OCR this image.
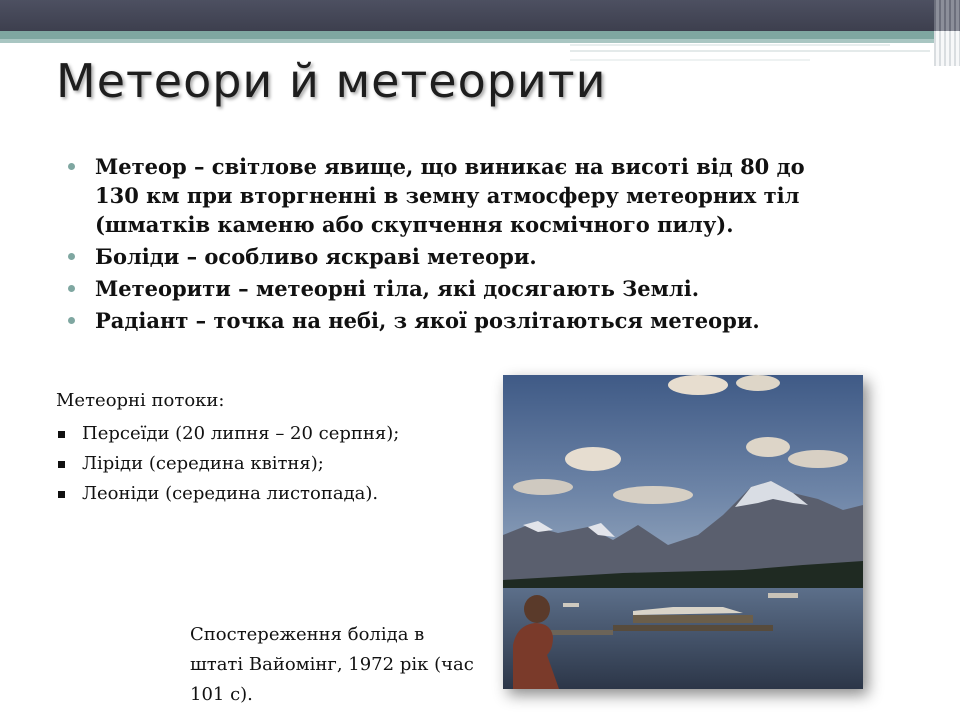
Метеори й метеорити
Метеор – світлове явище, що виникає на висоті від 80 до 130 км при вторгненні в земну атмосферу метеорних тіл (шматків каменю або скупчення космічного пилу).
Боліди – особливо яскраві метеори.
Метеорити – метеорні тіла, які досягають Землі.
Радіант – точка на небі, з якої розлітаються метеори.

Метеорні потоки:

Персеїди (20 липня – 20 серпня);
Ліріди (середина квітня);
Леоніди (середина листопада).

Спостереження боліда в штаті Вайомінг, 1972 рік (час 101 с).
